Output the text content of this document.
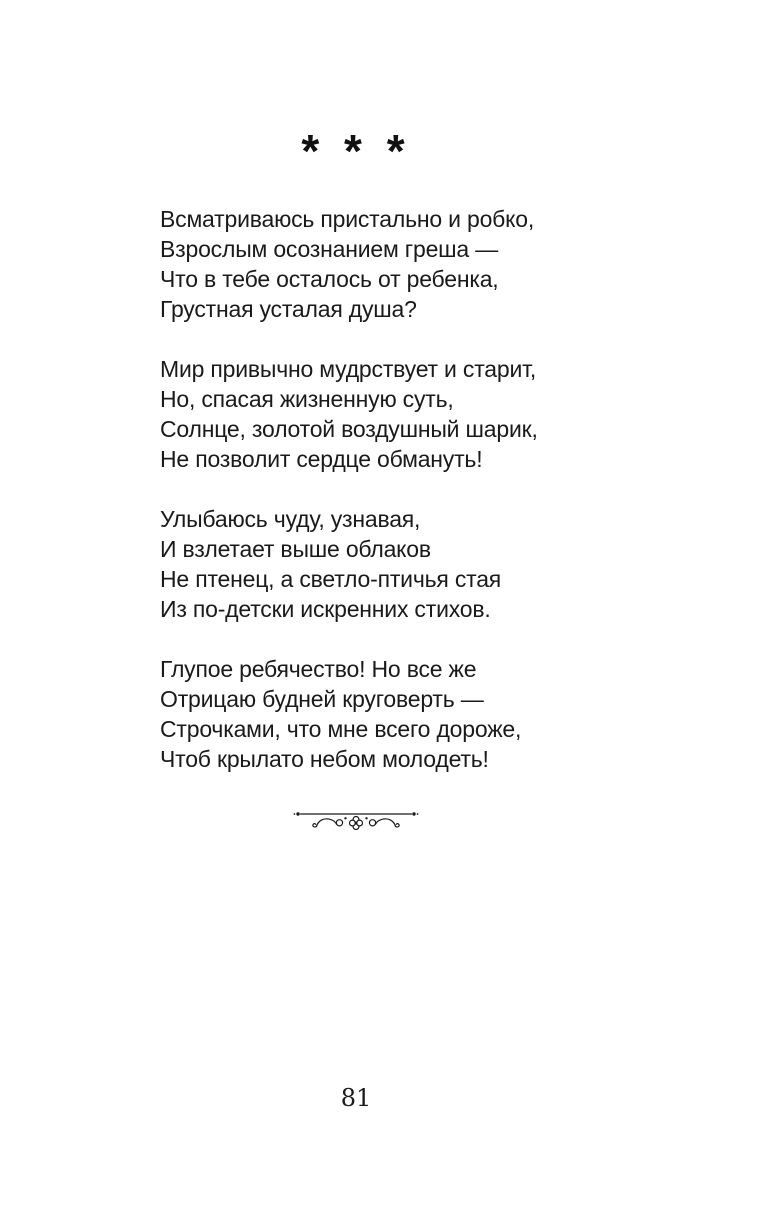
* * *
Всматриваюсь пристально и робко,
Взрослым осознанием греша —
Что в тебе осталось от ребенка,
Грустная усталая душа?
Мир привычно мудрствует и старит,
Но, спасая жизненную суть,
Солнце, золотой воздушный шарик,
Не позволит сердце обмануть!
Улыбаюсь чуду, узнавая,
И взлетает выше облаков
Не птенец, а светло-птичья стая
Из по-детски искренних стихов.
Глупое ребячество! Но все же
Отрицаю будней круговерть —
Строчками, что мне всего дороже,
Чтоб крылато небом молодеть!
81
